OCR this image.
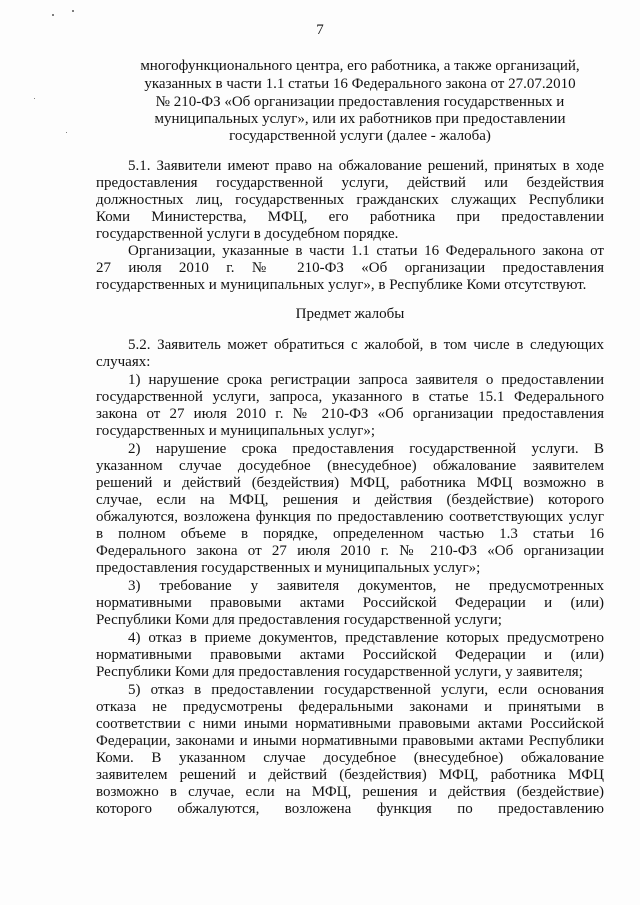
7
многофункционального центра, его работника, а также организаций,
указанных в части 1.1 статьи 16 Федерального закона от 27.07.2010
№ 210-ФЗ «Об организации предоставления государственных и
муниципальных услуг», или их работников при предоставлении
государственной услуги (далее - жалоба)
5.1. Заявители имеют право на обжалование решений, принятых в ходе
предоставления государственной услуги, действий или бездействия
должностных лиц, государственных гражданских служащих Республики
Коми Министерства, МФЦ, его работника при предоставлении
государственной услуги в досудебном порядке.
Организации, указанные в части 1.1 статьи 16 Федерального закона от
27 июля 2010 г. № 210-ФЗ «Об организации предоставления
государственных и муниципальных услуг», в Республике Коми отсутствуют.
Предмет жалобы
5.2. Заявитель может обратиться с жалобой, в том числе в следующих
случаях:
1) нарушение срока регистрации запроса заявителя о предоставлении
государственной услуги, запроса, указанного в статье 15.1 Федерального
закона от 27 июля 2010 г. № 210-ФЗ «Об организации предоставления
государственных и муниципальных услуг»;
2) нарушение срока предоставления государственной услуги. В
указанном случае досудебное (внесудебное) обжалование заявителем
решений и действий (бездействия) МФЦ, работника МФЦ возможно в
случае, если на МФЦ, решения и действия (бездействие) которого
обжалуются, возложена функция по предоставлению соответствующих услуг
в полном объеме в порядке, определенном частью 1.3 статьи 16
Федерального закона от 27 июля 2010 г. № 210-ФЗ «Об организации
предоставления государственных и муниципальных услуг»;
3) требование у заявителя документов, не предусмотренных
нормативными правовыми актами Российской Федерации и (или)
Республики Коми для предоставления государственной услуги;
4) отказ в приеме документов, представление которых предусмотрено
нормативными правовыми актами Российской Федерации и (или)
Республики Коми для предоставления государственной услуги, у заявителя;
5) отказ в предоставлении государственной услуги, если основания
отказа не предусмотрены федеральными законами и принятыми в
соответствии с ними иными нормативными правовыми актами Российской
Федерации, законами и иными нормативными правовыми актами Республики
Коми. В указанном случае досудебное (внесудебное) обжалование
заявителем решений и действий (бездействия) МФЦ, работника МФЦ
возможно в случае, если на МФЦ, решения и действия (бездействие)
которого обжалуются, возложена функция по предоставлению
